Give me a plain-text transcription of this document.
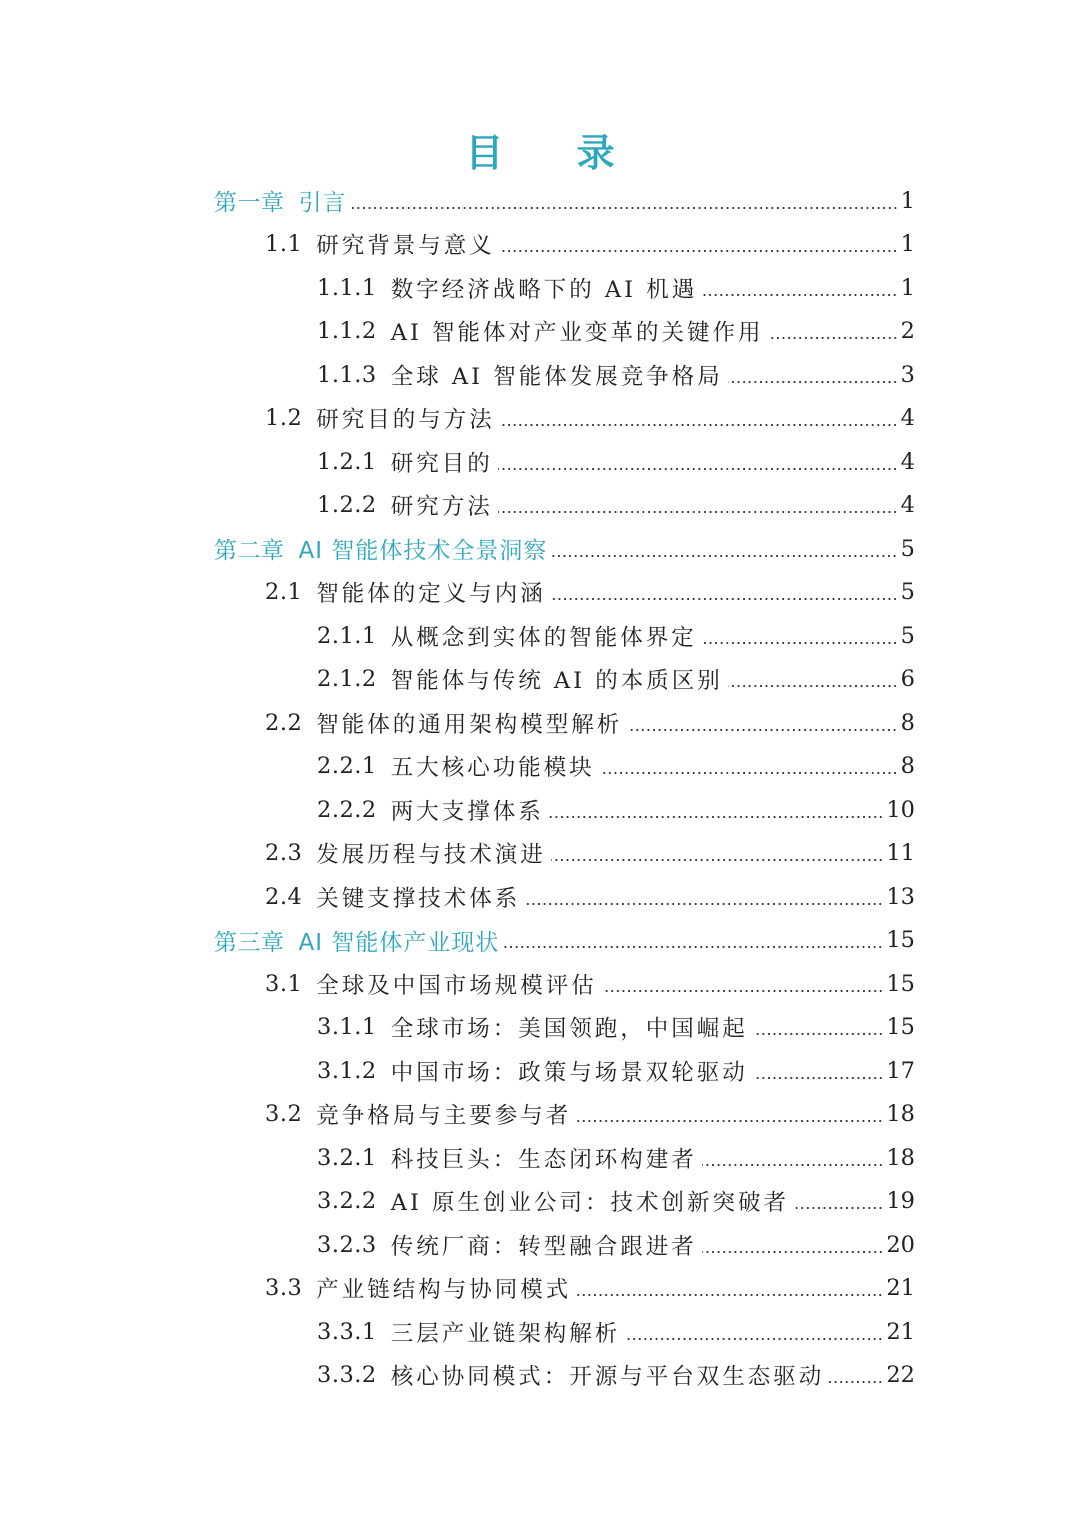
目 录
第一章 引言	1
1.1 研究背景与意义	1
1.1.1 数字经济战略下的 AI 机遇	1
1.1.2 AI 智能体对产业变革的关键作用	2
1.1.3 全球 AI 智能体发展竞争格局	3
1.2 研究目的与方法	4
1.2.1 研究目的	4
1.2.2 研究方法	4
第二章 AI 智能体技术全景洞察	5
2.1 智能体的定义与内涵	5
2.1.1 从概念到实体的智能体界定	5
2.1.2 智能体与传统 AI 的本质区别	6
2.2 智能体的通用架构模型解析	8
2.2.1 五大核心功能模块	8
2.2.2 两大支撑体系	10
2.3 发展历程与技术演进	11
2.4 关键支撑技术体系	13
第三章 AI 智能体产业现状	15
3.1 全球及中国市场规模评估	15
3.1.1 全球市场：美国领跑，中国崛起	15
3.1.2 中国市场：政策与场景双轮驱动	17
3.2 竞争格局与主要参与者	18
3.2.1 科技巨头：生态闭环构建者	18
3.2.2 AI 原生创业公司：技术创新突破者	19
3.2.3 传统厂商：转型融合跟进者	20
3.3 产业链结构与协同模式	21
3.3.1 三层产业链架构解析	21
3.3.2 核心协同模式：开源与平台双生态驱动	22
